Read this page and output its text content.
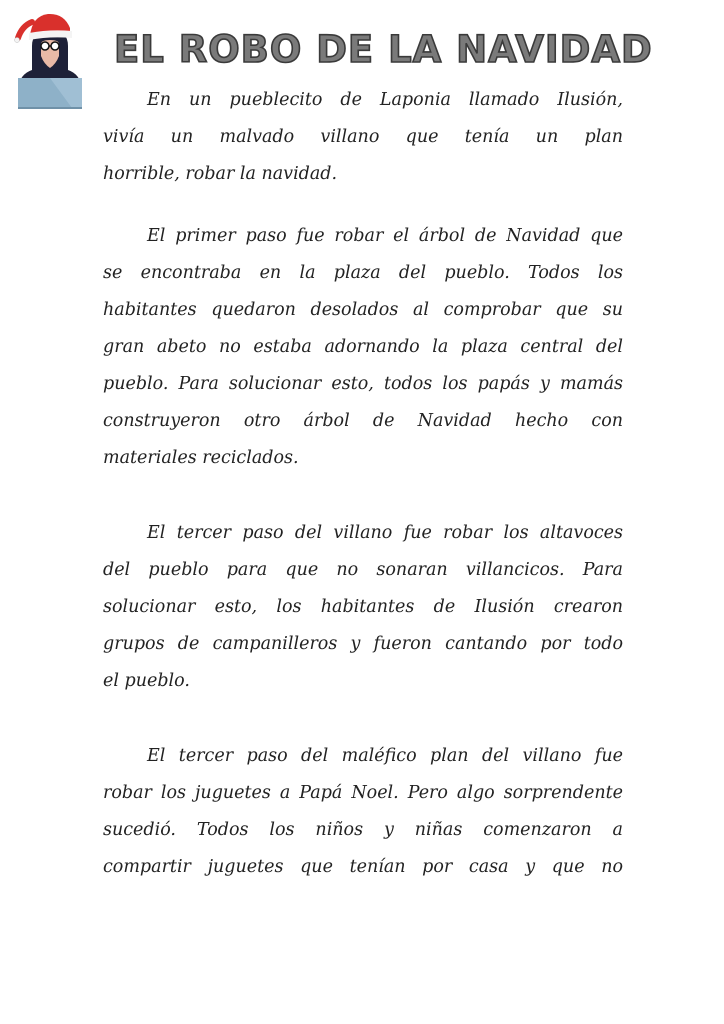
EL ROBO DE LA NAVIDAD
En un pueblecito de Laponia llamado Ilusión,
vivía un malvado villano que tenía un plan
horrible, robar la navidad.
El primer paso fue robar el árbol de Navidad que
se encontraba en la plaza del pueblo. Todos los
habitantes quedaron desolados al comprobar que su
gran abeto no estaba adornando la plaza central del
pueblo. Para solucionar esto, todos los papás y mamás
construyeron otro árbol de Navidad hecho con
materiales reciclados.
El tercer paso del villano fue robar los altavoces
del pueblo para que no sonaran villancicos. Para
solucionar esto, los habitantes de Ilusión crearon
grupos de campanilleros y fueron cantando por todo
el pueblo.
El tercer paso del maléfico plan del villano fue
robar los juguetes a Papá Noel. Pero algo sorprendente
sucedió. Todos los niños y niñas comenzaron a
compartir juguetes que tenían por casa y que no
